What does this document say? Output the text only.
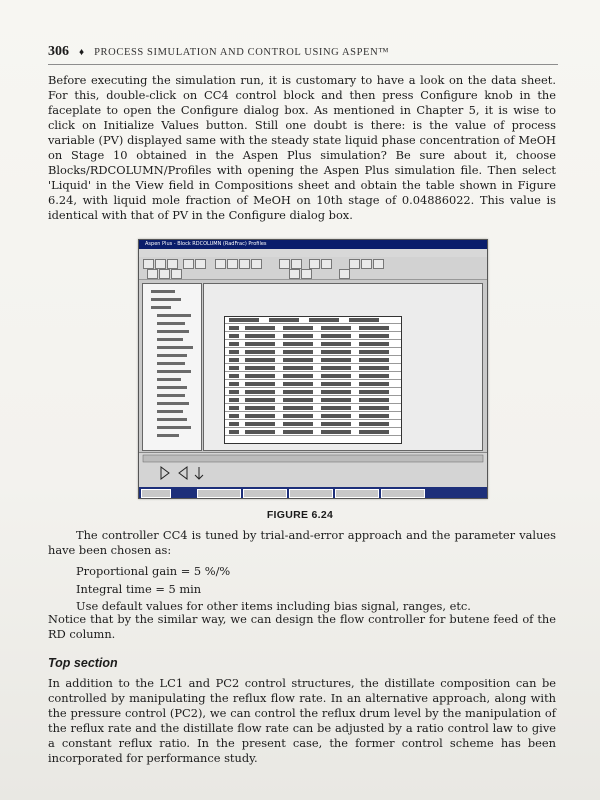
306 ♦ PROCESS SIMULATION AND CONTROL USING ASPEN™
Before executing the simulation run, it is customary to have a look on the data sheet. For this, double-click on CC4 control block and then press Configure knob in the faceplate to open the Configure dialog box. As mentioned in Chapter 5, it is wise to click on Initialize Values button. Still one doubt is there: is the value of process variable (PV) displayed same with the steady state liquid phase concentration of MeOH on Stage 10 obtained in the Aspen Plus simulation? Be sure about it, choose Blocks/RDCOLUMN/Profiles with opening the Aspen Plus simulation file. Then select 'Liquid' in the View field in Compositions sheet and obtain the table shown in Figure 6.24, with liquid mole fraction of MeOH on 10th stage of 0.04886022. This value is identical with that of PV in the Configure dialog box.
Aspen Plus - Block RDCOLUMN (RadFrac) Profiles
FIGURE 6.24
The controller CC4 is tuned by trial-and-error approach and the parameter values have been chosen as:
Proportional gain = 5 %/%
Integral time = 5 min
Use default values for other items including bias signal, ranges, etc.
Notice that by the similar way, we can design the flow controller for butene feed of the RD column.
Top section
In addition to the LC1 and PC2 control structures, the distillate composition can be controlled by manipulating the reflux flow rate. In an alternative approach, along with the pressure control (PC2), we can control the reflux drum level by the manipulation of the reflux rate and the distillate flow rate can be adjusted by a ratio control law to give a constant reflux ratio. In the present case, the former control scheme has been incorporated for performance study.
